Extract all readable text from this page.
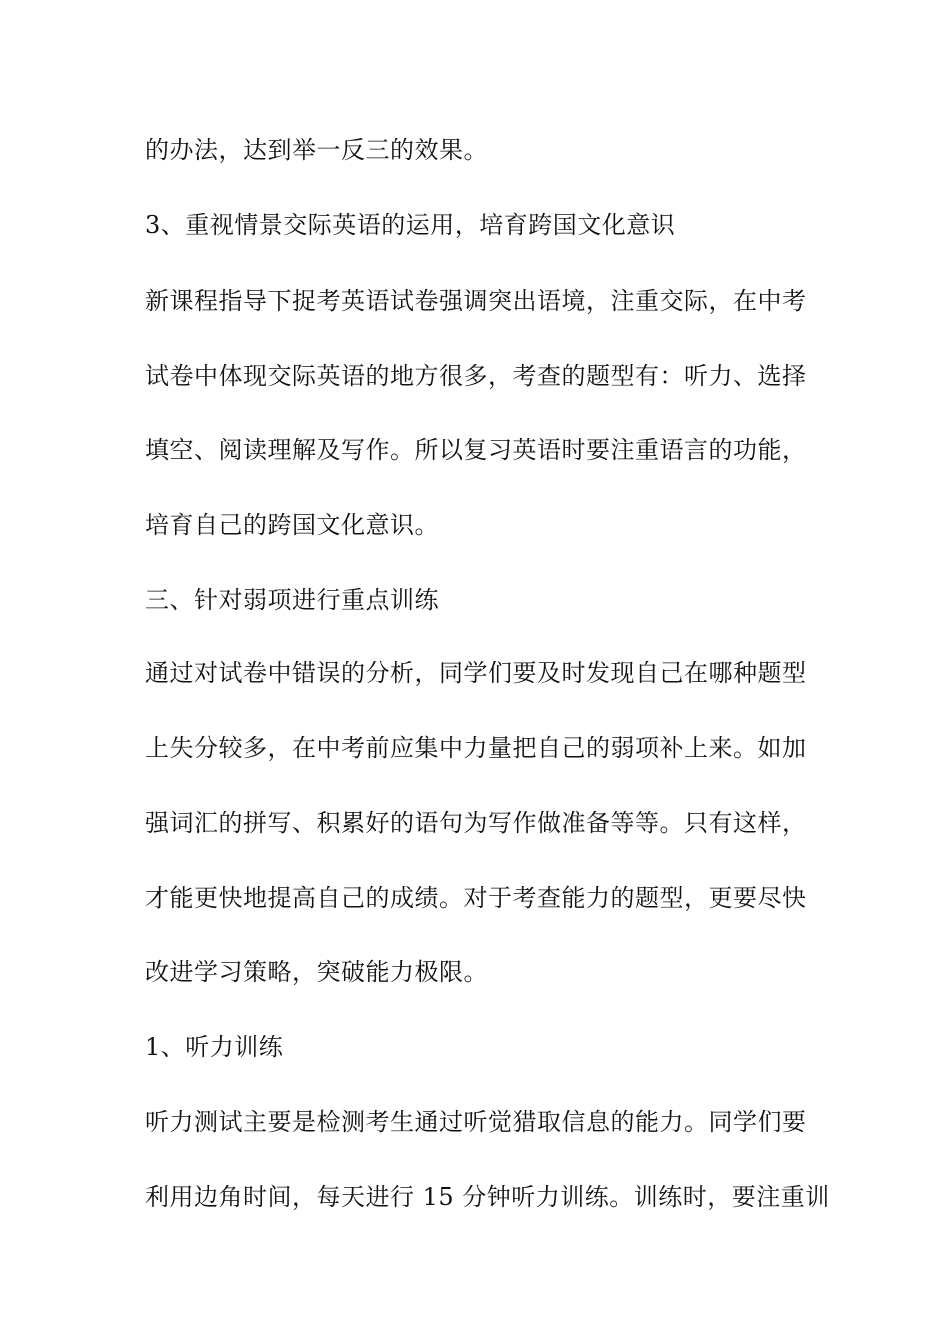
的办法，达到举一反三的效果。
3、重视情景交际英语的运用，培育跨国文化意识
新课程指导下捉考英语试卷强调突出语境，注重交际，在中考
试卷中体现交际英语的地方很多，考查的题型有：听力、选择
填空、阅读理解及写作。所以复习英语时要注重语言的功能，
培育自己的跨国文化意识。
三、针对弱项进行重点训练
通过对试卷中错误的分析，同学们要及时发现自己在哪种题型
上失分较多，在中考前应集中力量把自己的弱项补上来。如加
强词汇的拼写、积累好的语句为写作做准备等等。只有这样，
才能更快地提高自己的成绩。对于考查能力的题型，更要尽快
改进学习策略，突破能力极限。
1、听力训练
听力测试主要是检测考生通过听觉猎取信息的能力。同学们要
利用边角时间，每天进行 15 分钟听力训练。训练时，要注重训
